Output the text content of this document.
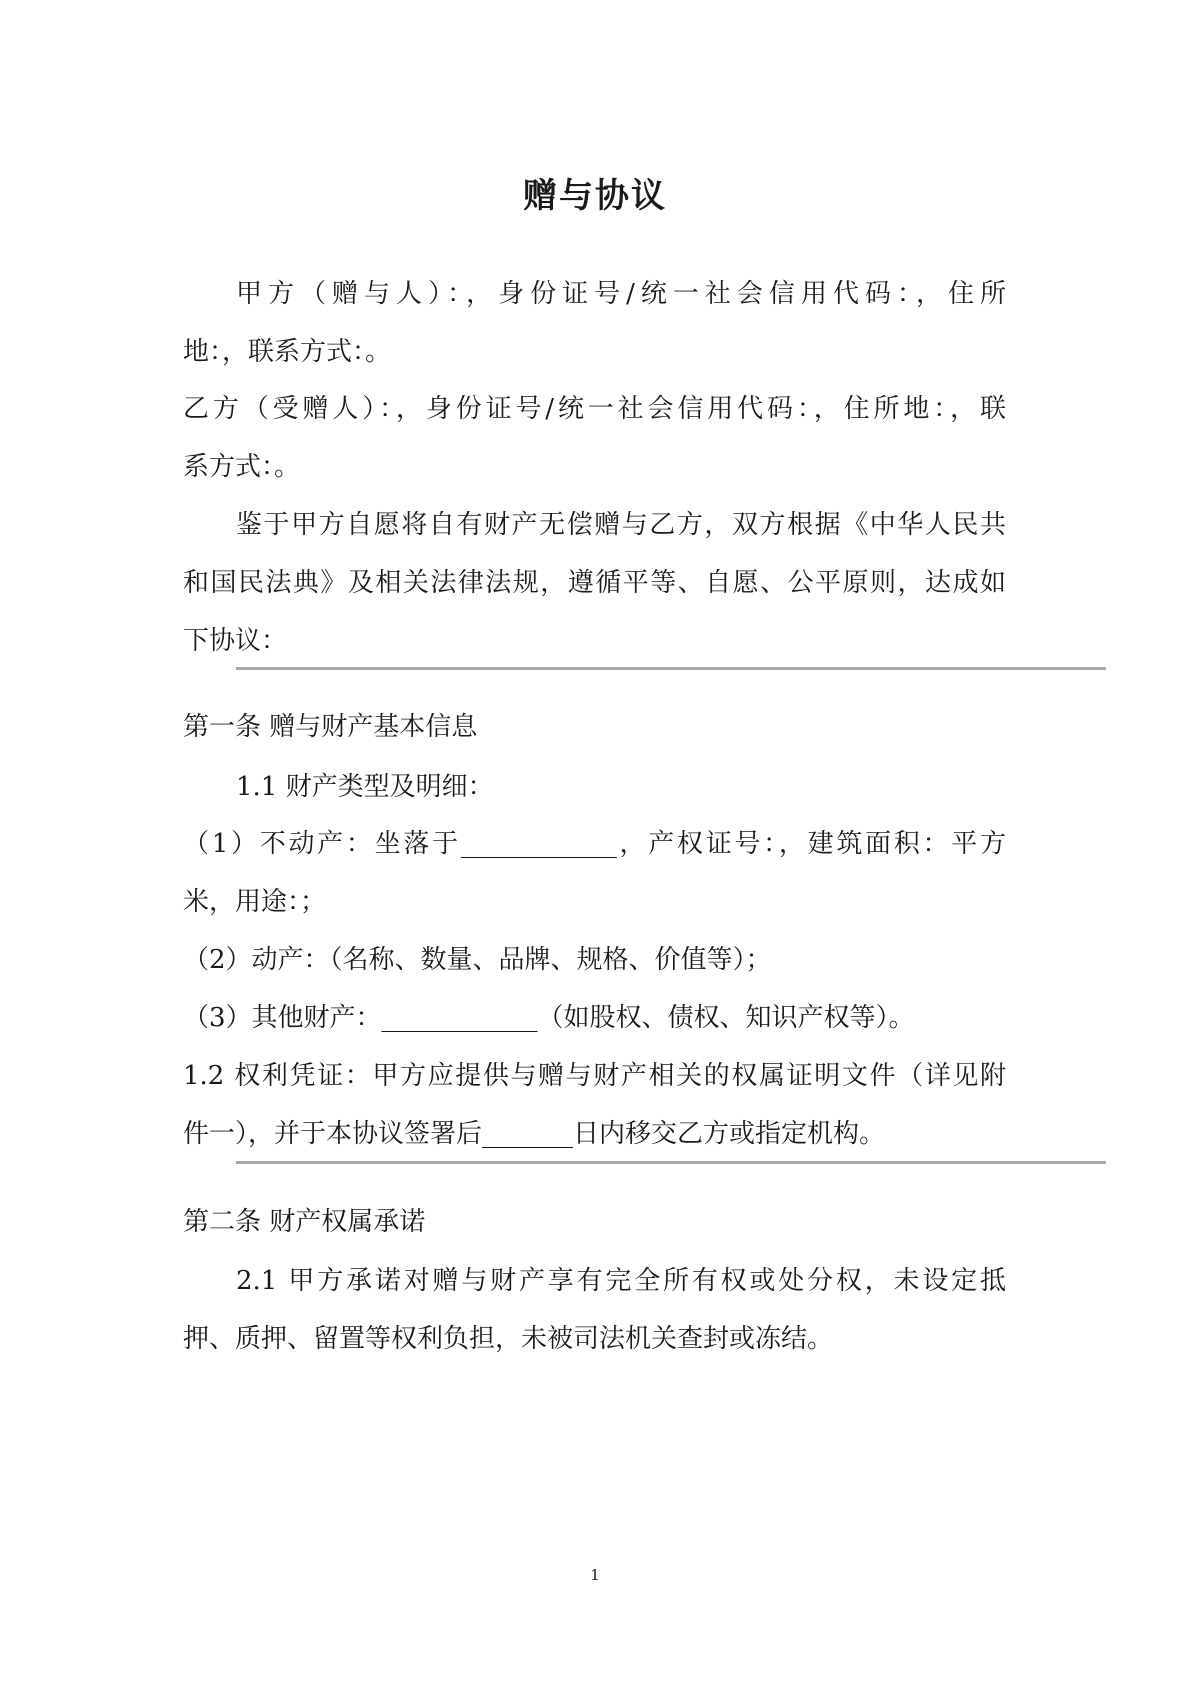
赠与协议
甲方（赠与人）：，身份证号/统一社会信用代码：，住所
地：，联系方式：。
乙方（受赠人）：，身份证号/统一社会信用代码：，住所地：，联
系方式：。
鉴于甲方自愿将自有财产无偿赠与乙方，双方根据《中华人民共
和国民法典》及相关法律法规，遵循平等、自愿、公平原则，达成如
下协议：
第一条 赠与财产基本信息
1.1 财产类型及明细：
（1）不动产：坐落于____________，产权证号：，建筑面积：平方
米，用途：；
（2）动产：（名称、数量、品牌、规格、价值等）；
（3）其他财产：____________（如股权、债权、知识产权等）。
1.2 权利凭证：甲方应提供与赠与财产相关的权属证明文件（详见附
件一），并于本协议签署后_______日内移交乙方或指定机构。
第二条 财产权属承诺
2.1 甲方承诺对赠与财产享有完全所有权或处分权，未设定抵
押、质押、留置等权利负担，未被司法机关查封或冻结。
1
